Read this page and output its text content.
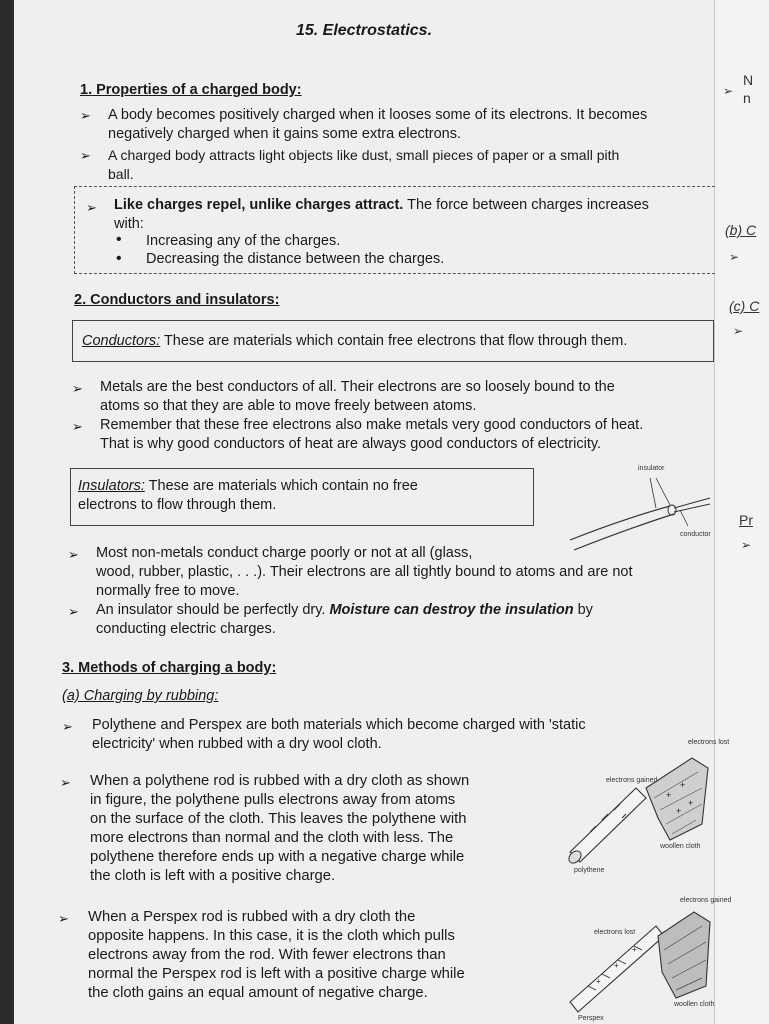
N
n
➢
(b) C
➢
(c) C
➢
Pr
➢
15. Electrostatics.
1. Properties of a charged body:
➢ A body becomes positively charged when it looses some of its electrons. It becomes
negatively charged when it gains some extra electrons.
➢ A charged body attracts light objects like dust, small pieces of paper or a small pith
ball.
➢ Like charges repel, unlike charges attract. The force between charges increases
with:
• Increasing any of the charges.
• Decreasing the distance between the charges.
2. Conductors and insulators:
Conductors: These are materials which contain free electrons that flow through them.
➢ Metals are the best conductors of all. Their electrons are so loosely bound to the
atoms so that they are able to move freely between atoms.
➢ Remember that these free electrons also make metals very good conductors of heat.
That is why good conductors of heat are always good conductors of electricity.
Insulators: These are materials which contain no free
electrons to flow through them.
insulator
conductor
➢ Most non-metals conduct charge poorly or not at all (glass,
wood, rubber, plastic, . . .). Their electrons are all tightly bound to atoms and are not
normally free to move.
➢ An insulator should be perfectly dry. Moisture can destroy the insulation by
conducting electric charges.
3. Methods of charging a body:
(a) Charging by rubbing:
➢ Polythene and Perspex are both materials which become charged with 'static
electricity' when rubbed with a dry wool cloth.
➢ When a polythene rod is rubbed with a dry cloth as shown
in figure, the polythene pulls electrons away from atoms
on the surface of the cloth. This leaves the polythene with
more electrons than normal and the cloth with less. The
polythene therefore ends up with a negative charge while
the cloth is left with a positive charge.
+
+
+
+
electrons gained
electrons lost
woollen cloth
polythene
➢ When a Perspex rod is rubbed with a dry cloth the
opposite happens. In this case, it is the cloth which pulls
electrons away from the rod. With fewer electrons than
normal the Perspex rod is left with a positive charge while
the cloth gains an equal amount of negative charge.
+
+
+
electrons lost
electrons gained
woollen cloth
Perspex
